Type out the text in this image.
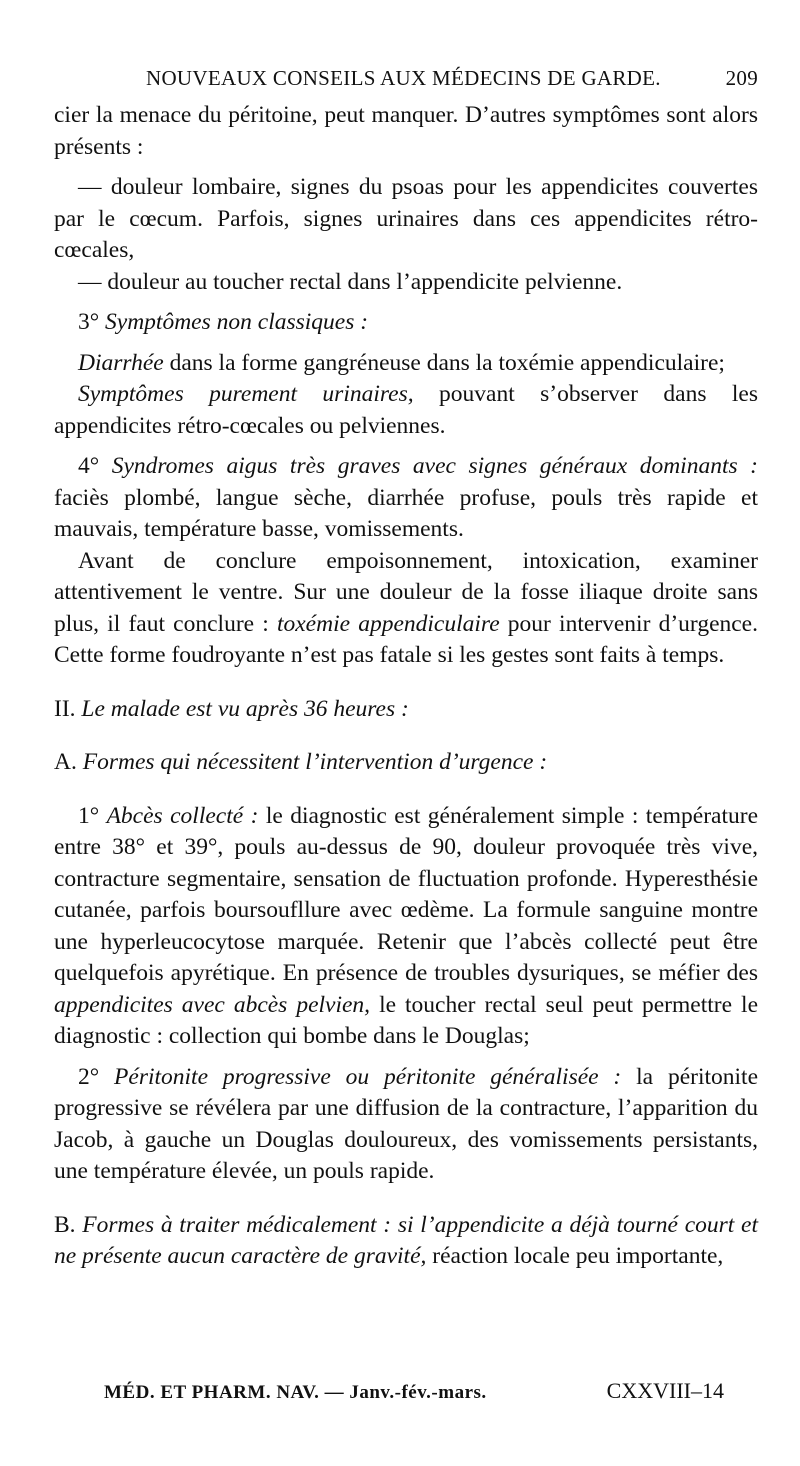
NOUVEAUX CONSEILS AUX MÉDECINS DE GARDE.	209

cier la menace du péritoine, peut manquer. D’autres symptômes sont alors présents :

— douleur lombaire, signes du psoas pour les appendicites couvertes par le cœcum. Parfois, signes urinaires dans ces appendicites rétro-cœcales,

— douleur au toucher rectal dans l’appendicite pelvienne.

3° Symptômes non classiques :

Diarrhée dans la forme gangréneuse dans la toxémie appendiculaire;

Symptômes purement urinaires, pouvant s’observer dans les appendicites rétro-cœcales ou pelviennes.

4° Syndromes aigus très graves avec signes généraux dominants : faciès plombé, langue sèche, diarrhée profuse, pouls très rapide et mauvais, température basse, vomissements.

Avant de conclure empoisonnement, intoxication, examiner attentivement le ventre. Sur une douleur de la fosse iliaque droite sans plus, il faut conclure : toxémie appendiculaire pour intervenir d’urgence. Cette forme foudroyante n’est pas fatale si les gestes sont faits à temps.

II. Le malade est vu après 36 heures :

A. Formes qui nécessitent l’intervention d’urgence :

1° Abcès collecté : le diagnostic est généralement simple : température entre 38° et 39°, pouls au-dessus de 90, douleur provoquée très vive, contracture segmentaire, sensation de fluctuation profonde. Hyperesthésie cutanée, parfois boursoufllure avec œdème. La formule sanguine montre une hyperleucocytose marquée. Retenir que l’abcès collecté peut être quelquefois apyrétique. En présence de troubles dysuriques, se méfier des appendicites avec abcès pelvien, le toucher rectal seul peut permettre le diagnostic : collection qui bombe dans le Douglas;

2° Péritonite progressive ou péritonite généralisée : la péritonite progressive se révélera par une diffusion de la contracture, l’apparition du Jacob, à gauche un Douglas douloureux, des vomissements persistants, une température élevée, un pouls rapide.

B. Formes à traiter médicalement : si l’appendicite a déjà tourné court et ne présente aucun caractère de gravité, réaction locale peu importante,

MÉD. ET PHARM. NAV. — Janv.-fév.-mars.	CXXVIII–14
